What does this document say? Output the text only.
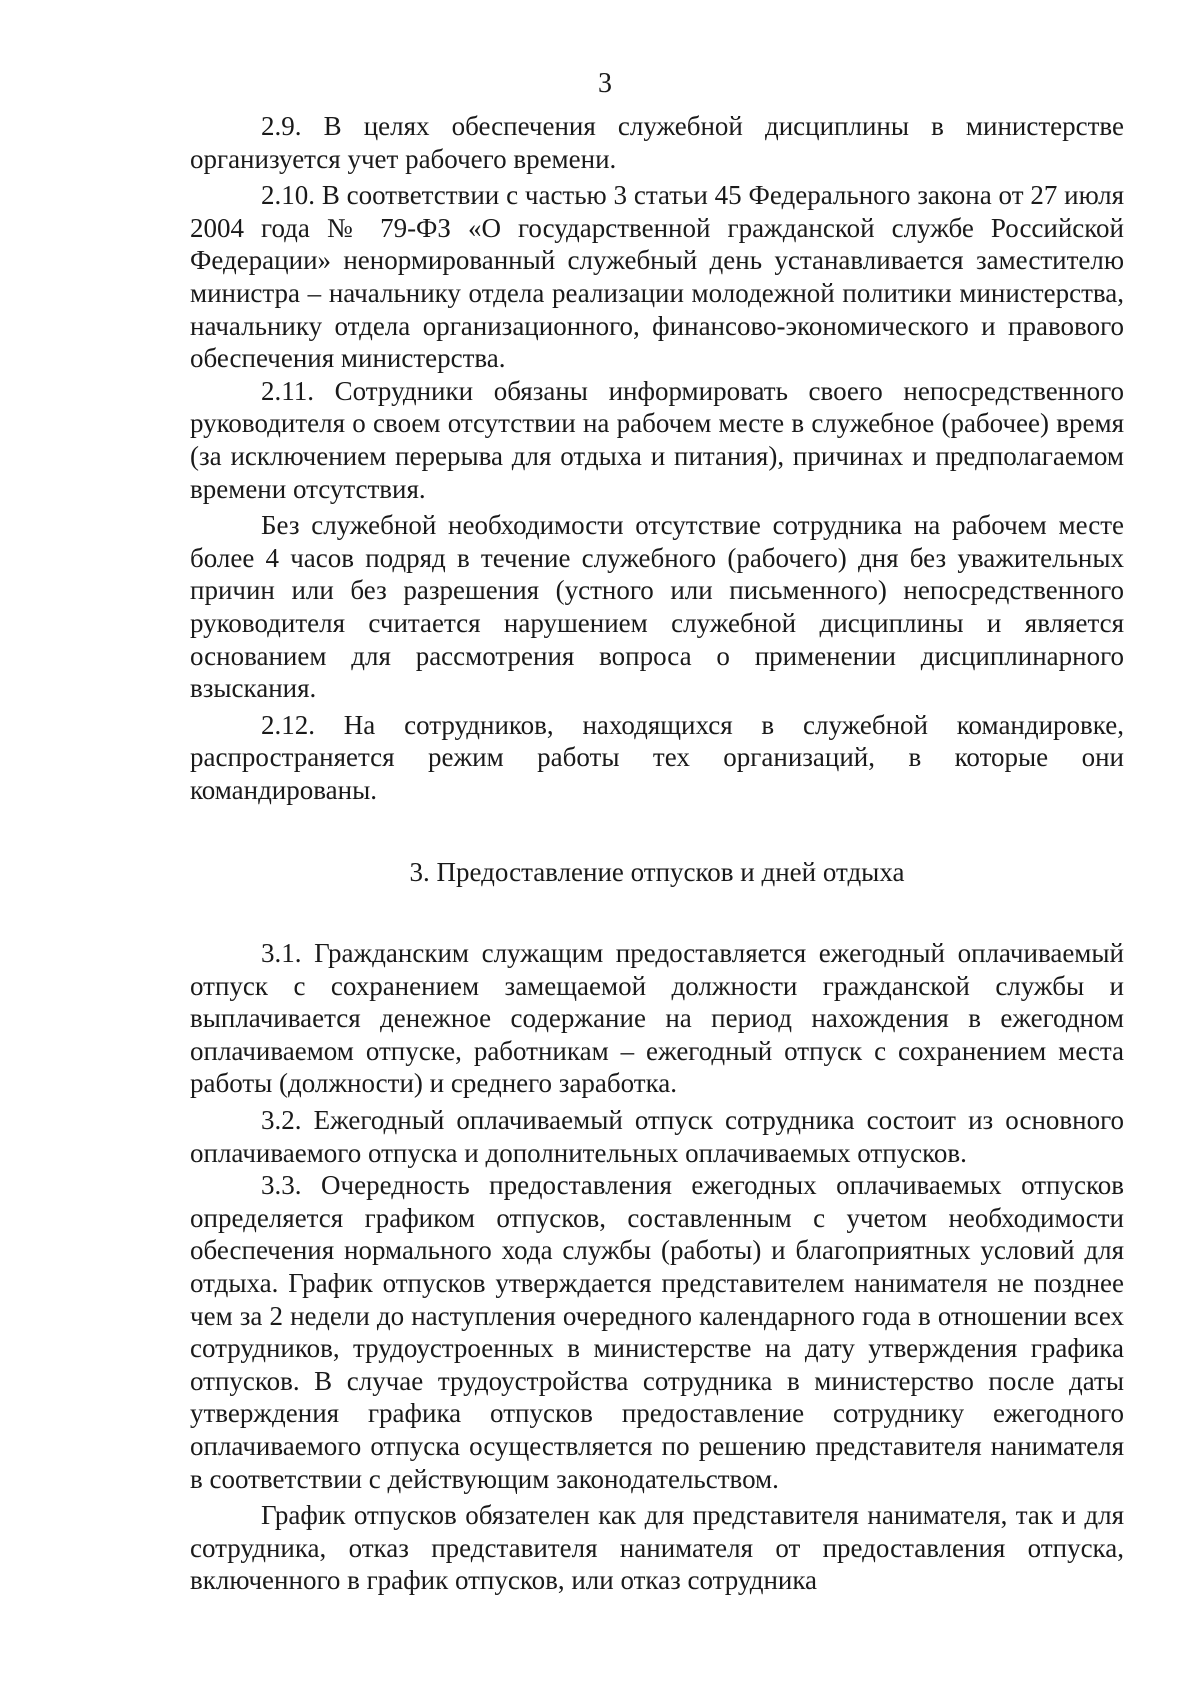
3

2.9. В целях обеспечения служебной дисциплины в министерстве организуется учет рабочего времени.

2.10. В соответствии с частью 3 статьи 45 Федерального закона от 27 июля 2004 года № 79-ФЗ «О государственной гражданской службе Российской Федерации» ненормированный служебный день устанавливается заместителю министра – начальнику отдела реализации молодежной политики министерства, начальнику отдела организационного, финансово-экономического и правового обеспечения министерства.

2.11. Сотрудники обязаны информировать своего непосредственного руководителя о своем отсутствии на рабочем месте в служебное (рабочее) время (за исключением перерыва для отдыха и питания), причинах и предполагаемом времени отсутствия.

Без служебной необходимости отсутствие сотрудника на рабочем месте более 4 часов подряд в течение служебного (рабочего) дня без уважительных причин или без разрешения (устного или письменного) непосредственного руководителя считается нарушением служебной дисциплины и является основанием для рассмотрения вопроса о применении дисциплинарного взыскания.

2.12. На сотрудников, находящихся в служебной командировке, распространяется режим работы тех организаций, в которые они командированы.

3. Предоставление отпусков и дней отдыха

3.1. Гражданским служащим предоставляется ежегодный оплачиваемый отпуск с сохранением замещаемой должности гражданской службы и выплачивается денежное содержание на период нахождения в ежегодном оплачиваемом отпуске, работникам – ежегодный отпуск с сохранением места работы (должности) и среднего заработка.

3.2. Ежегодный оплачиваемый отпуск сотрудника состоит из основного оплачиваемого отпуска и дополнительных оплачиваемых отпусков.

3.3. Очередность предоставления ежегодных оплачиваемых отпусков определяется графиком отпусков, составленным с учетом необходимости обеспечения нормального хода службы (работы) и благоприятных условий для отдыха. График отпусков утверждается представителем нанимателя не позднее чем за 2 недели до наступления очередного календарного года в отношении всех сотрудников, трудоустроенных в министерстве на дату утверждения графика отпусков. В случае трудоустройства сотрудника в министерство после даты утверждения графика отпусков предоставление сотруднику ежегодного оплачиваемого отпуска осуществляется по решению представителя нанимателя в соответствии с действующим законодательством.

График отпусков обязателен как для представителя нанимателя, так и для сотрудника, отказ представителя нанимателя от предоставления отпуска, включенного в график отпусков, или отказ сотрудника
